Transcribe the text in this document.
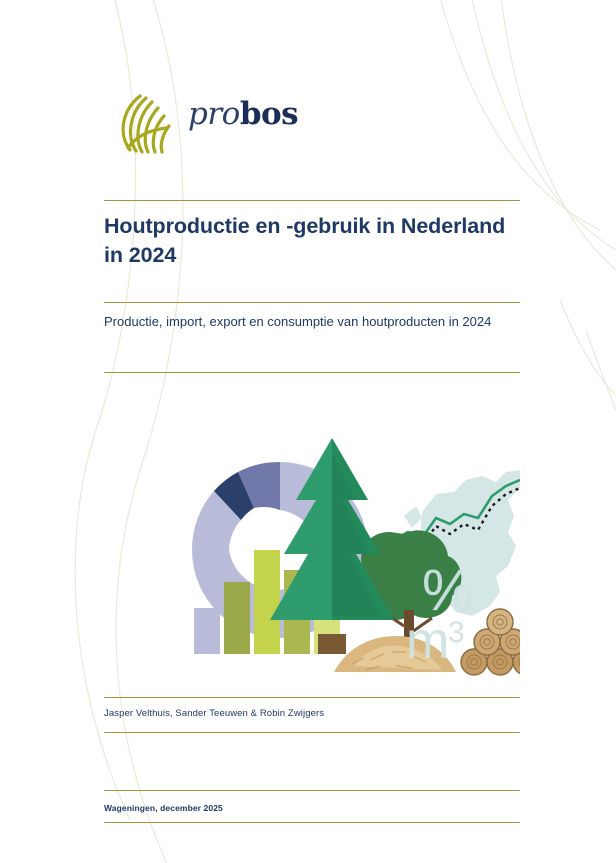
probos
Houtproductie en -gebruik in Nederland in 2024
Productie, import, export en consumptie van houtproducten in 2024
%
m
3
Jasper Velthuis, Sander Teeuwen & Robin Zwijgers
Wageningen, december 2025
